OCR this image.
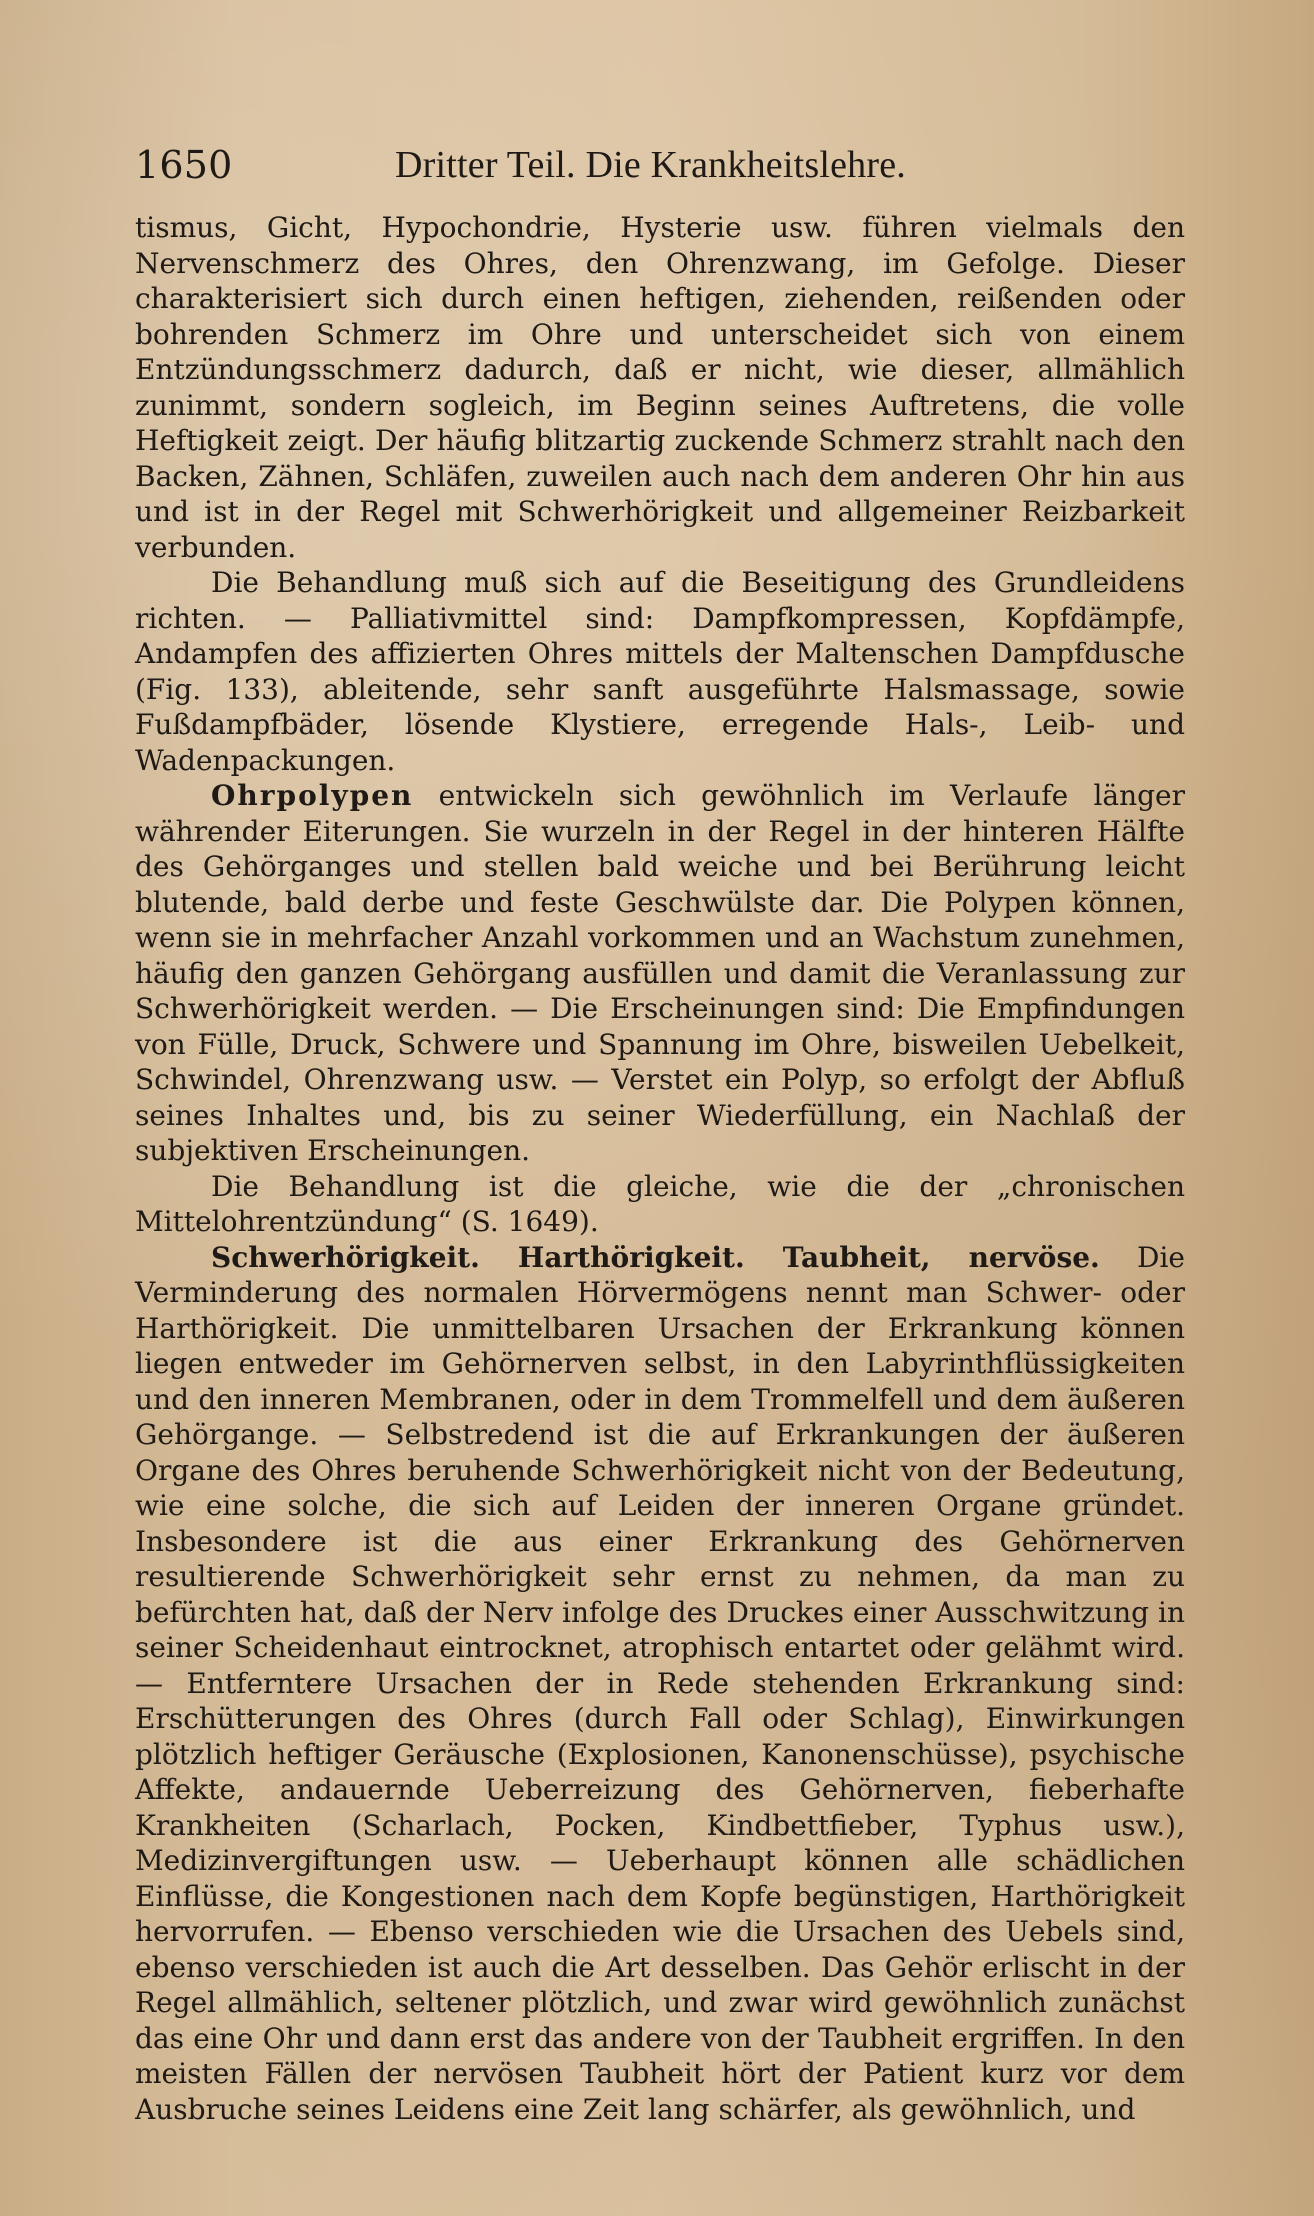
1650	Dritter Teil. Die Krankheitslehre.

tismus, Gicht, Hypochondrie, Hysterie usw. führen vielmals den Nervenschmerz des Ohres, den Ohrenzwang, im Gefolge. Dieser charakterisiert sich durch einen heftigen, ziehenden, reißenden oder bohrenden Schmerz im Ohre und unterscheidet sich von einem Entzündungsschmerz dadurch, daß er nicht, wie dieser, allmählich zunimmt, sondern sogleich, im Beginn seines Auftretens, die volle Heftigkeit zeigt. Der häufig blitzartig zuckende Schmerz strahlt nach den Backen, Zähnen, Schläfen, zuweilen auch nach dem anderen Ohr hin aus und ist in der Regel mit Schwerhörigkeit und allgemeiner Reizbarkeit verbunden.

Die Behandlung muß sich auf die Beseitigung des Grundleidens richten. — Palliativmittel sind: Dampfkompressen, Kopfdämpfe, Andampfen des affizierten Ohres mittels der Maltenschen Dampfdusche (Fig. 133), ableitende, sehr sanft ausgeführte Halsmassage, sowie Fußdampfbäder, lösende Klystiere, erregende Hals-, Leib- und Wadenpackungen.

Ohrpolypen entwickeln sich gewöhnlich im Verlaufe länger währender Eiterungen. Sie wurzeln in der Regel in der hinteren Hälfte des Gehörganges und stellen bald weiche und bei Berührung leicht blutende, bald derbe und feste Geschwülste dar. Die Polypen können, wenn sie in mehrfacher Anzahl vorkommen und an Wachstum zunehmen, häufig den ganzen Gehörgang ausfüllen und damit die Veranlassung zur Schwerhörigkeit werden. — Die Erscheinungen sind: Die Empfindungen von Fülle, Druck, Schwere und Spannung im Ohre, bisweilen Uebelkeit, Schwindel, Ohrenzwang usw. — Verstet ein Polyp, so erfolgt der Abfluß seines Inhaltes und, bis zu seiner Wiederfüllung, ein Nachlaß der subjektiven Erscheinungen.

Die Behandlung ist die gleiche, wie die der „chronischen Mittelohrentzündung“ (S. 1649).

Schwerhörigkeit. Harthörigkeit. Taubheit, nervöse. Die Verminderung des normalen Hörvermögens nennt man Schwer- oder Harthörigkeit. Die unmittelbaren Ursachen der Erkrankung können liegen entweder im Gehörnerven selbst, in den Labyrinthflüssigkeiten und den inneren Membranen, oder in dem Trommelfell und dem äußeren Gehörgange. — Selbstredend ist die auf Erkrankungen der äußeren Organe des Ohres beruhende Schwerhörigkeit nicht von der Bedeutung, wie eine solche, die sich auf Leiden der inneren Organe gründet. Insbesondere ist die aus einer Erkrankung des Gehörnerven resultierende Schwerhörigkeit sehr ernst zu nehmen, da man zu befürchten hat, daß der Nerv infolge des Druckes einer Ausschwitzung in seiner Scheidenhaut eintrocknet, atrophisch entartet oder gelähmt wird. — Entferntere Ursachen der in Rede stehenden Erkrankung sind: Erschütterungen des Ohres (durch Fall oder Schlag), Einwirkungen plötzlich heftiger Geräusche (Explosionen, Kanonenschüsse), psychische Affekte, andauernde Ueberreizung des Gehörnerven, fieberhafte Krankheiten (Scharlach, Pocken, Kindbettfieber, Typhus usw.), Medizinvergiftungen usw. — Ueberhaupt können alle schädlichen Einflüsse, die Kongestionen nach dem Kopfe begünstigen, Harthörigkeit hervorrufen. — Ebenso verschieden wie die Ursachen des Uebels sind, ebenso verschieden ist auch die Art desselben. Das Gehör erlischt in der Regel allmählich, seltener plötzlich, und zwar wird gewöhnlich zunächst das eine Ohr und dann erst das andere von der Taubheit ergriffen. In den meisten Fällen der nervösen Taubheit hört der Patient kurz vor dem Ausbruche seines Leidens eine Zeit lang schärfer, als gewöhnlich, und
